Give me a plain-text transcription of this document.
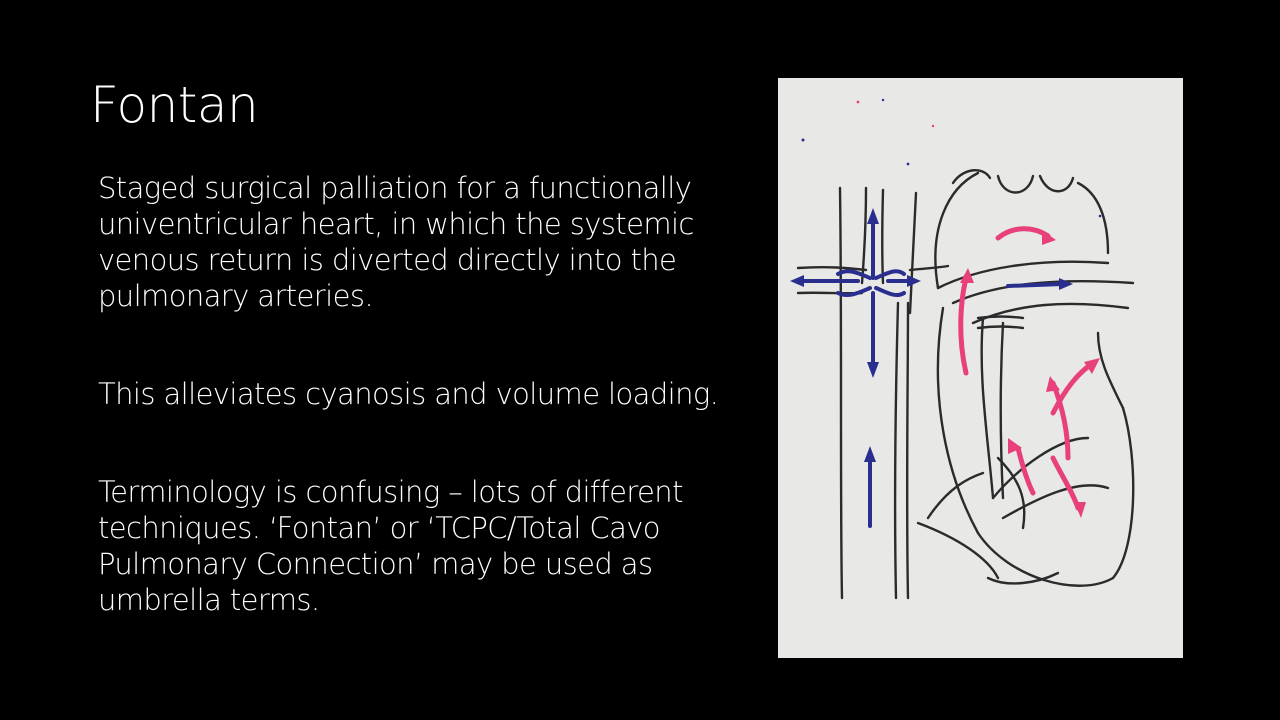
Fontan

Staged surgical palliation for a functionally univentricular heart, in which the systemic venous return is diverted directly into the pulmonary arteries.

This alleviates cyanosis and volume loading.

Terminology is confusing – lots of different techniques. ‘Fontan’ or ‘TCPC/Total Cavo Pulmonary Connection’ may be used as umbrella terms.
